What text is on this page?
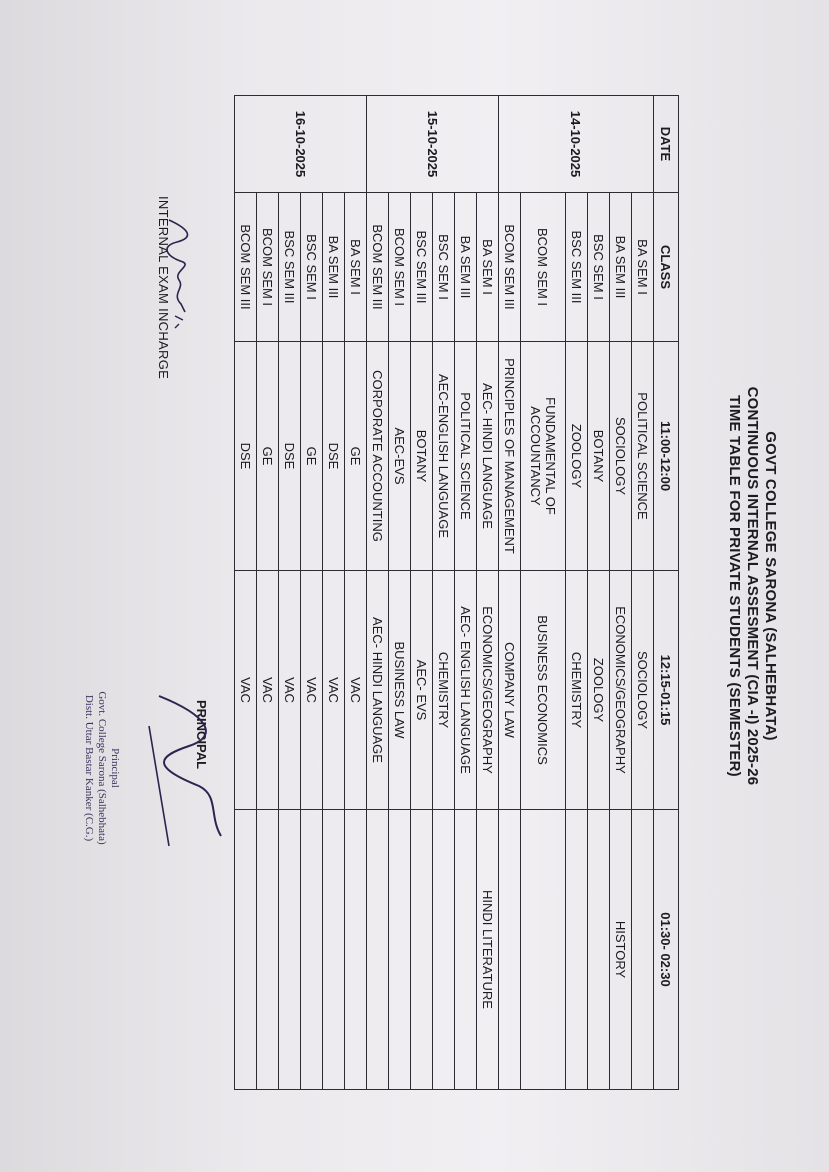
GOVT COLLEGE SARONA (SALHEBHATA)
CONTINUOUS INTERNAL ASSESMENT (CIA -I) 2025-26
TIME TABLE FOR PRIVATE STUDENTS (SEMESTER)
DATE	CLASS	11:00-12:00	12:15-01:15	01:30- 02:30
14-10-2025	BA SEM I	POLITICAL SCIENCE	SOCIOLOGY	
	BA SEM III	SOCIOLOGY	ECONOMICS/GEOGRAPHY	HISTORY
	BSC SEM I	BOTANY	ZOOLOGY	
	BSC SEM III	ZOOLOGY	CHEMISTRY	
	BCOM SEM I	FUNDAMENTAL OF
ACCOUNTANCY	BUSINESS ECONOMICS	
	BCOM SEM III	PRINCIPLES OF MANAGEMENT	COMPANY LAW	
15-10-2025	BA SEM I	AEC- HINDI LANGUAGE	ECONOMICS/GEOGRAPHY	HINDI LITERATURE
	BA SEM III	POLITICAL SCIENCE	AEC- ENGLISH LANGUAGE	
	BSC SEM I	AEC-ENGLISH LANGUAGE	CHEMISTRY	
	BSC SEM III	BOTANY	AEC- EVS	
	BCOM SEM I	AEC-EVS	BUSINESS LAW	
	BCOM SEM III	CORPORATE ACCOUNTING	AEC- HINDI LANGUAGE	
16-10-2025	BA SEM I	GE	VAC	
	BA SEM III	DSE	VAC	
	BSC SEM I	GE	VAC	
	BSC SEM III	DSE	VAC	
	BCOM SEM I	GE	VAC	
	BCOM SEM III	DSE	VAC	
INTERNAL EXAM INCHARGE
PRINCIPAL
Principal
Govt. College Sarona (Salhebhata)
Distt. Uttar Bastar Kanker (C.G.)
